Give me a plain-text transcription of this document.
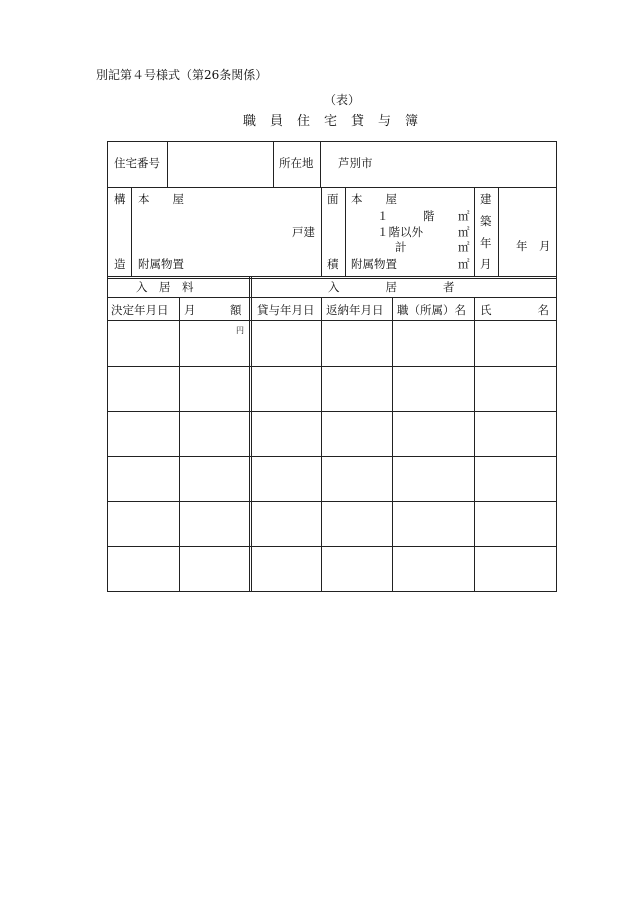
別記第４号様式（第26条関係）
（表）
職員住宅貸与簿
住宅番号	所在地 芦別市
構
造
本　　屋
戸建
附属物置
面
積
本　　屋
１　　　階
１階以外
計
附属物置
㎡
㎡
㎡
㎡
建
築
年
月
年　月
入　居　料	入　　　　居　　　　者
決定年月日 月　　　額 貸与年月日 返納年月日 職（所属）名 氏　　　　名
円
